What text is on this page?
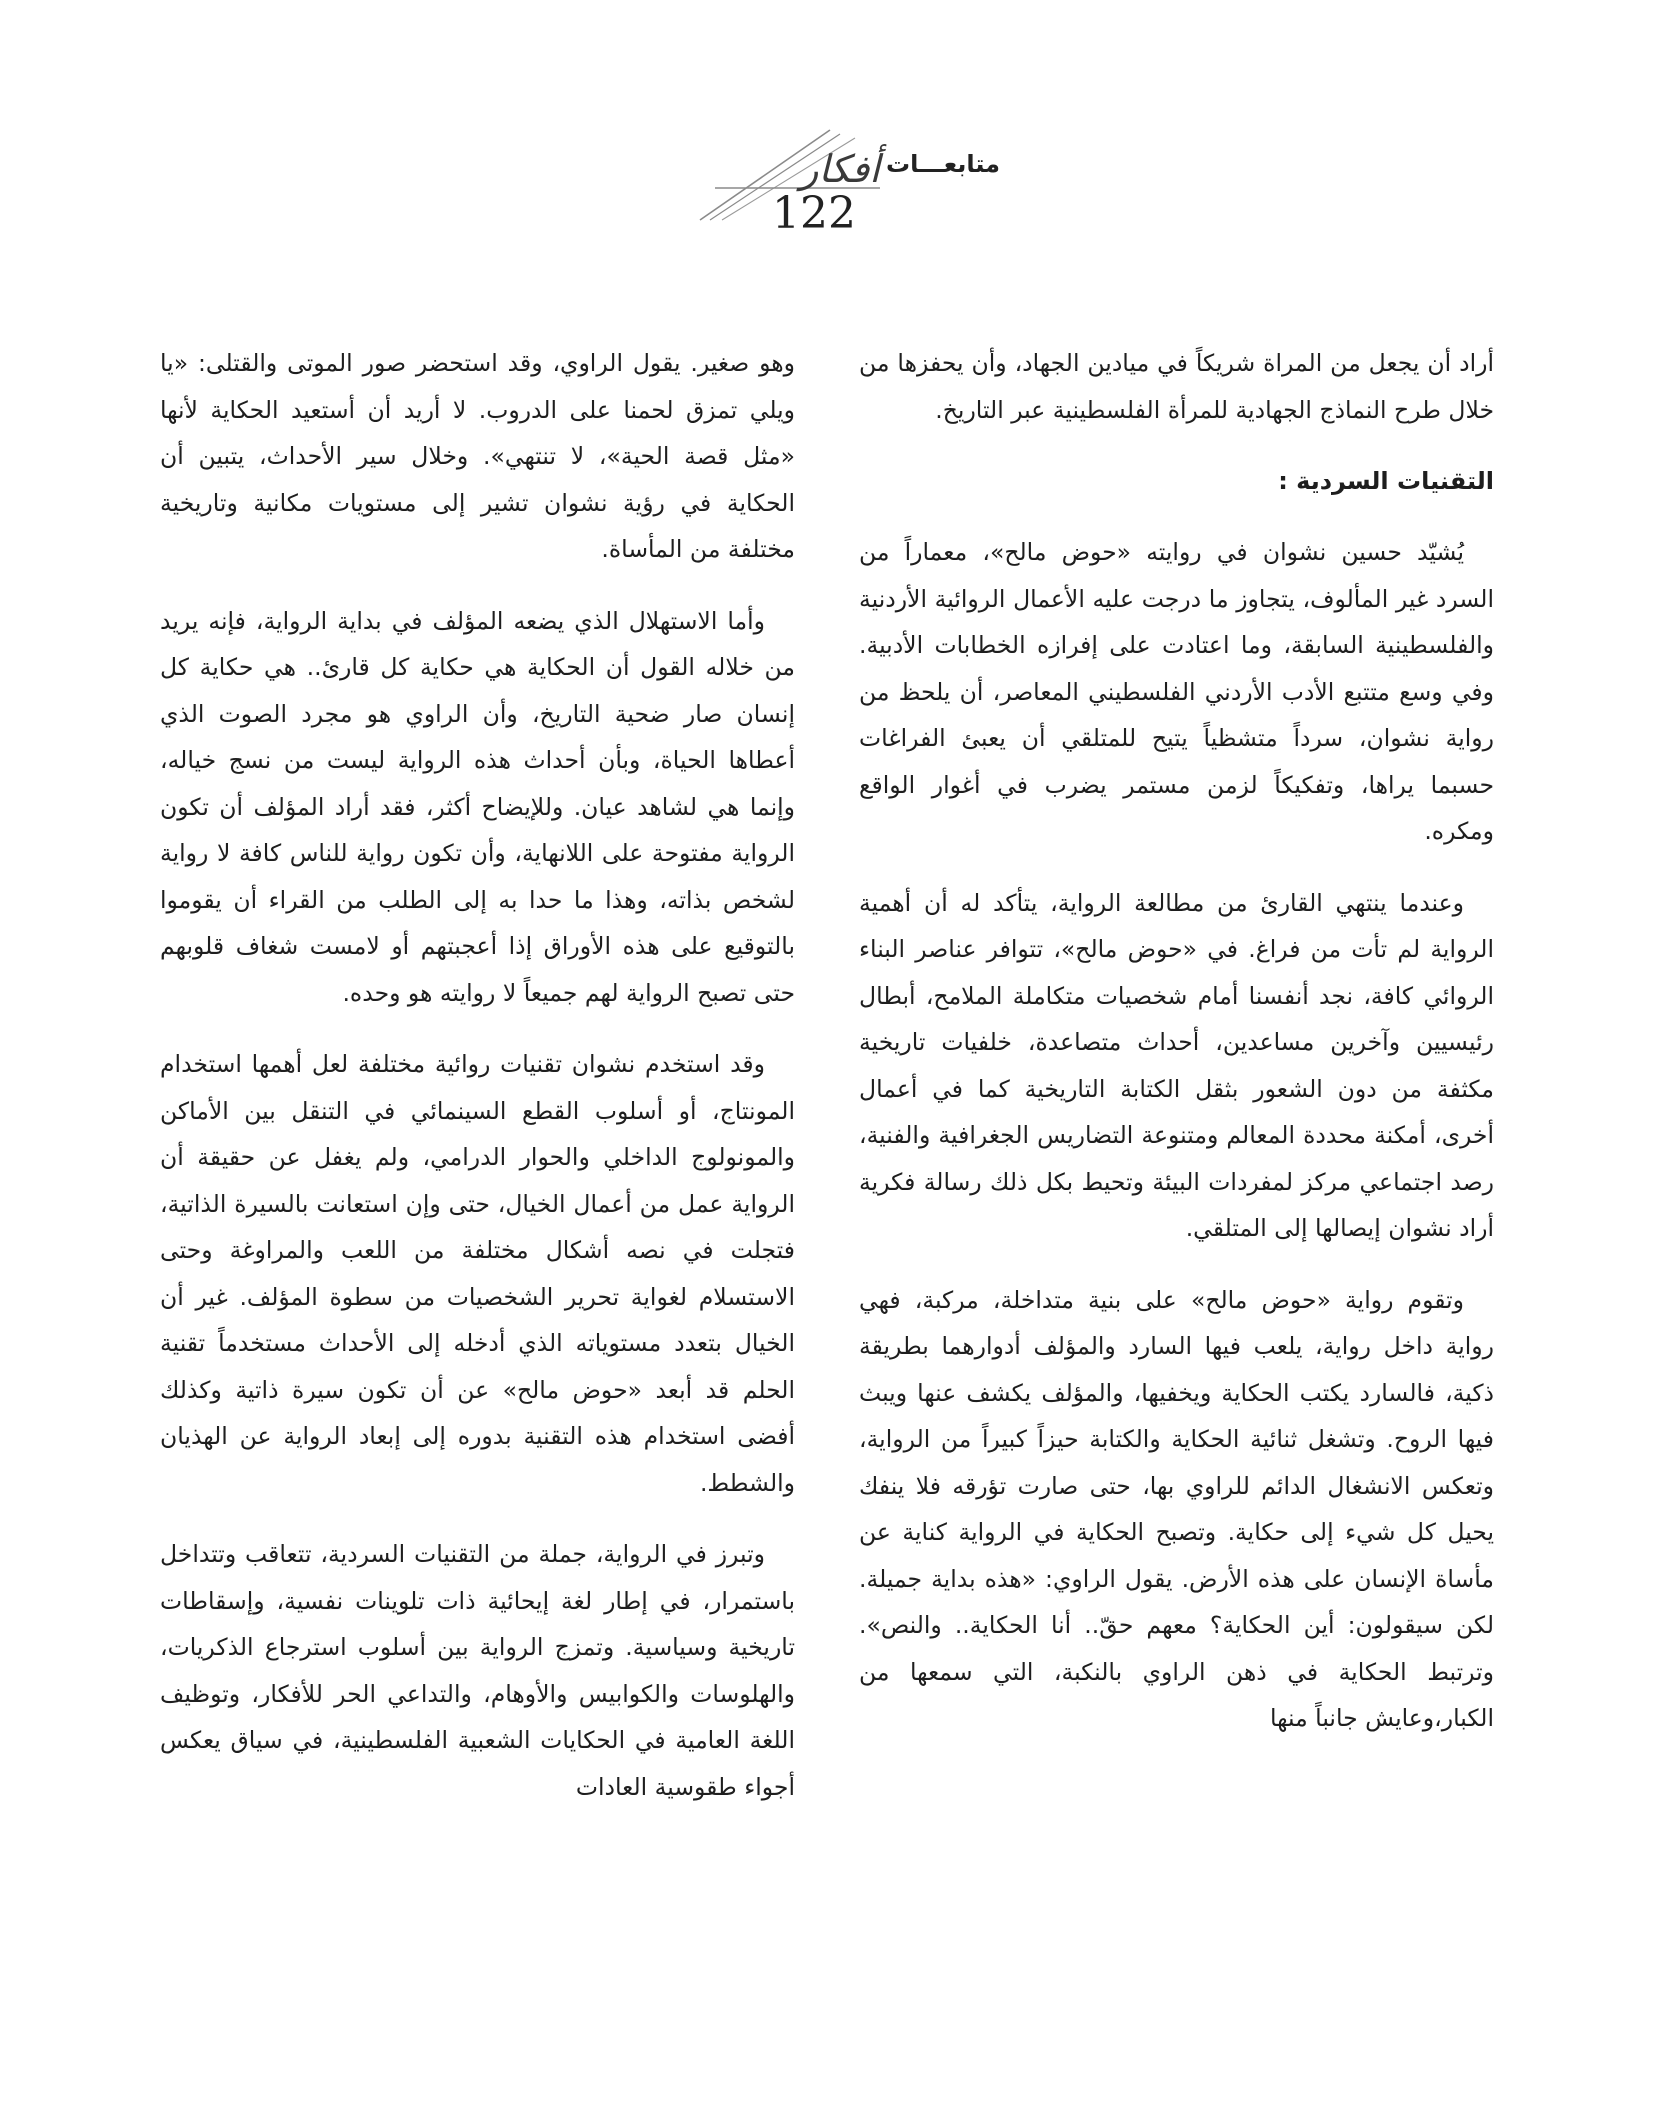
أفكار متابعـــات
122

أراد أن يجعل من المراة شريكاً في ميادين الجهاد، وأن يحفزها من خلال طرح النماذج الجهادية للمرأة الفلسطينية عبر التاريخ.

التقنيات السردية :

يُشيّد حسين نشوان في روايته «حوض مالح»، معماراً من السرد غير المألوف، يتجاوز ما درجت عليه الأعمال الروائية الأردنية والفلسطينية السابقة، وما اعتادت على إفرازه الخطابات الأدبية. وفي وسع متتبع الأدب الأردني الفلسطيني المعاصر، أن يلحظ من رواية نشوان، سرداً متشظياً يتيح للمتلقي أن يعبئ الفراغات حسبما يراها، وتفكيكاً لزمن مستمر يضرب في أغوار الواقع ومكره.

وعندما ينتهي القارئ من مطالعة الرواية، يتأكد له أن أهمية الرواية لم تأت من فراغ. في «حوض مالح»، تتوافر عناصر البناء الروائي كافة، نجد أنفسنا أمام شخصيات متكاملة الملامح، أبطال رئيسيين وآخرين مساعدين، أحداث متصاعدة، خلفيات تاريخية مكثفة من دون الشعور بثقل الكتابة التاريخية كما في أعمال أخرى، أمكنة محددة المعالم ومتنوعة التضاريس الجغرافية والفنية، رصد اجتماعي مركز لمفردات البيئة وتحيط بكل ذلك رسالة فكرية أراد نشوان إيصالها إلى المتلقي.

وتقوم رواية «حوض مالح» على بنية متداخلة، مركبة، فهي رواية داخل رواية، يلعب فيها السارد والمؤلف أدوارهما بطريقة ذكية، فالسارد يكتب الحكاية ويخفيها، والمؤلف يكشف عنها ويبث فيها الروح. وتشغل ثنائية الحكاية والكتابة حيزاً كبيراً من الرواية، وتعكس الانشغال الدائم للراوي بها، حتى صارت تؤرقه فلا ينفك يحيل كل شيء إلى حكاية. وتصبح الحكاية في الرواية كناية عن مأساة الإنسان على هذه الأرض. يقول الراوي: «هذه بداية جميلة. لكن سيقولون: أين الحكاية؟ معهم حقّ.. أنا الحكاية.. والنص». وترتبط الحكاية في ذهن الراوي بالنكبة، التي سمعها من الكبار،وعايش جانباً منها

وهو صغير. يقول الراوي، وقد استحضر صور الموتى والقتلى: «يا ويلي تمزق لحمنا على الدروب. لا أريد أن أستعيد الحكاية لأنها «مثل قصة الحية»، لا تنتهي». وخلال سير الأحداث، يتبين أن الحكاية في رؤية نشوان تشير إلى مستويات مكانية وتاريخية مختلفة من المأساة.

وأما الاستهلال الذي يضعه المؤلف في بداية الرواية، فإنه يريد من خلاله القول أن الحكاية هي حكاية كل قارئ.. هي حكاية كل إنسان صار ضحية التاريخ، وأن الراوي هو مجرد الصوت الذي أعطاها الحياة، وبأن أحداث هذه الرواية ليست من نسج خياله، وإنما هي لشاهد عيان. وللإيضاح أكثر، فقد أراد المؤلف أن تكون الرواية مفتوحة على اللانهاية، وأن تكون رواية للناس كافة لا رواية لشخص بذاته، وهذا ما حدا به إلى الطلب من القراء أن يقوموا بالتوقيع على هذه الأوراق إذا أعجبتهم أو لامست شغاف قلوبهم حتى تصبح الرواية لهم جميعاً لا روايته هو وحده.

وقد استخدم نشوان تقنيات روائية مختلفة لعل أهمها استخدام المونتاج، أو أسلوب القطع السينمائي في التنقل بين الأماكن والمونولوج الداخلي والحوار الدرامي، ولم يغفل عن حقيقة أن الرواية عمل من أعمال الخيال، حتى وإن استعانت بالسيرة الذاتية، فتجلت في نصه أشكال مختلفة من اللعب والمراوغة وحتى الاستسلام لغواية تحرير الشخصيات من سطوة المؤلف. غير أن الخيال بتعدد مستوياته الذي أدخله إلى الأحداث مستخدماً تقنية الحلم قد أبعد «حوض مالح» عن أن تكون سيرة ذاتية وكذلك أفضى استخدام هذه التقنية بدوره إلى إبعاد الرواية عن الهذيان والشطط.

وتبرز في الرواية، جملة من التقنيات السردية، تتعاقب وتتداخل باستمرار، في إطار لغة إيحائية ذات تلوينات نفسية، وإسقاطات تاريخية وسياسية. وتمزج الرواية بين أسلوب استرجاع الذكريات، والهلوسات والكوابيس والأوهام، والتداعي الحر للأفكار، وتوظيف اللغة العامية في الحكايات الشعبية الفلسطينية، في سياق يعكس أجواء طقوسية العادات
